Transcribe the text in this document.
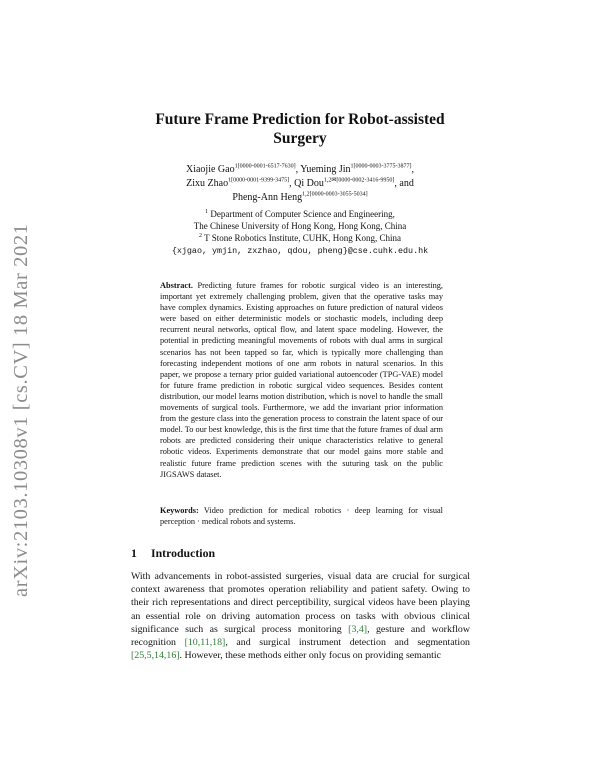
arXiv:2103.10308v1 [cs.CV] 18 Mar 2021
Future Frame Prediction for Robot-assisted Surgery
Xiaojie Gao$^{1[0000-0001-6517-7630]}$, Yueming Jin$^{1[0000-0003-3775-3877]}$,
Zixu Zhao$^{1[0000-0001-9399-3475]}$, Qi Dou$^{1,2✉[0000-0002-3416-9950]}$, and
Pheng-Ann Heng$^{1,2[0000-0003-3055-5034]}$
$^1$ Department of Computer Science and Engineering,
The Chinese University of Hong Kong, Hong Kong, China
$^2$ T Stone Robotics Institute, CUHK, Hong Kong, China
{xjgao, ymjin, zxzhao, qdou, pheng}@cse.cuhk.edu.hk
Abstract. Predicting future frames for robotic surgical video is an interesting, important yet extremely challenging problem, given that the operative tasks may have complex dynamics. Existing approaches on future prediction of natural videos were based on either deterministic models or stochastic models, including deep recurrent neural networks, optical flow, and latent space modeling. However, the potential in predicting meaningful movements of robots with dual arms in surgical scenarios has not been tapped so far, which is typically more challenging than forecasting independent motions of one arm robots in natural scenarios. In this paper, we propose a ternary prior guided variational autoencoder (TPG-VAE) model for future frame prediction in robotic surgical video sequences. Besides content distribution, our model learns motion distribution, which is novel to handle the small movements of surgical tools. Furthermore, we add the invariant prior information from the gesture class into the generation process to constrain the latent space of our model. To our best knowledge, this is the first time that the future frames of dual arm robots are predicted considering their unique characteristics relative to general robotic videos. Experiments demonstrate that our model gains more stable and realistic future frame prediction scenes with the suturing task on the public JIGSAWS dataset.
Keywords: Video prediction for medical robotics · deep learning for visual perception · medical robots and systems.
1 Introduction
With advancements in robot-assisted surgeries, visual data are crucial for surgical context awareness that promotes operation reliability and patient safety. Owing to their rich representations and direct perceptibility, surgical videos have been playing an essential role on driving automation process on tasks with obvious clinical significance such as surgical process monitoring [3,4], gesture and workflow recognition [10,11,18], and surgical instrument detection and segmentation [25,5,14,16]. However, these methods either only focus on providing semantic
